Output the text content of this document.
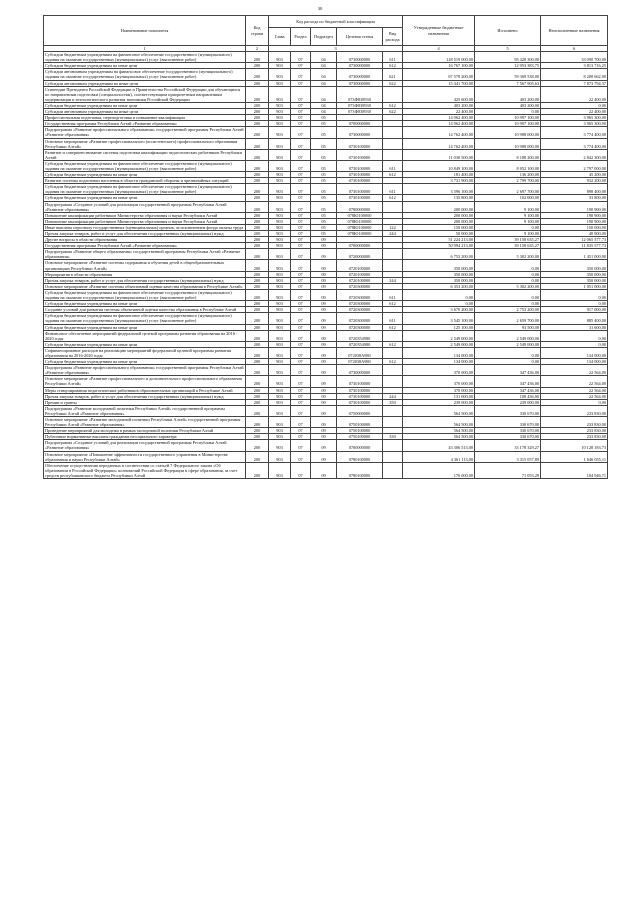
30
Наименование показателя	Код строки	Код расхода по бюджетной классификации					Утвержденные бюджетные назначения	Исполнено	Неисполненные назначения
		Глава	Раздел	Подраздел	Целевая статья	Вид расхода			
1	2	3					4	5	6
Субсидии бюджетным учреждениям на финансовое обеспечение государственного (муниципального) задания на оказание государственных (муниципальных) услуг (выполнение работ)	200	903	07	04	0730000000	611	128 519 000,00	95 428 300,00	33 090 700,00
Субсидии бюджетным учреждениям на иные цели	200	903	07	04	0730000000	612	16 767 100,00	12 953 383,75	3 813 716,25
Субсидии автономным учреждениям на финансовое обеспечение государственного (муниципального) задания на оказание государственных (муниципальных) услуг (выполнение работ)	200	903	07	04	0730000000	621	67 578 200,00	59 369 538,00	8 208 662,00
Субсидии автономным учреждениям на иные цели	200	903	07	04	0730000000	622	15 441 700,00	7 567 905,63	7 873 794,37
Стипендии Президента Российской Федерации и Правительства Российской Федерации для обучающихся по направлениям подготовки (специальностям), соответствующим приоритетным направлениям модернизации и технологического развития экономики Российской Федерации	200	903	07	04	073Ф838930		425 600,00	403 200,00	22 400,00
Субсидии бюджетным учреждениям на иные цели	200	903	07	04	073Ф838930	612	403 200,00	403 200,00	0,00
Субсидии автономным учреждениям на иные цели	200	903	07	04	073Ф838930	622	22 400,00	0,00	22 400,00
Профессиональная подготовка, переподготовка и повышение квалификации	200	903	07	05			14 962 400,00	10 997 100,00	3 965 300,00
Государственная программа Республики Алтай «Развитие образования»	200	903	07	05	0700000000		14 962 400,00	10 997 100,00	3 965 300,00
Подпрограмма «Развитие профессионального образования» государственной программы Республики Алтай «Развитие образования»	200	903	07	05	0730000000		14 762 400,00	10 988 000,00	3 774 400,00
Основное мероприятие «Развитие профессионального (ассистентского) профессионального образования Республики Алтай»	200	903	07	05	0730100000		14 762 400,00	10 988 000,00	3 774 400,00
Развитие и совершенствование системы подготовки квалификации педагогических работников Республики Алтай	200	903	07	05	0730100000		11 030 500,00	8 188 200,00	2 842 300,00
Субсидии бюджетным учреждениям на финансовое обеспечение государственного (муниципального) задания на оказание государственных (муниципальных) услуг (выполнение работ)	200	903	07	05	0730100000	611	10 849 100,00	8 052 100,00	2 797 000,00
Субсидии бюджетным учреждениям на иные цели	200	903	07	05	0730100000	612	181 400,00	136 200,00	45 200,00
Развитие системы подготовки населения в области гражданской обороны и чрезвычайных ситуаций	200	903	07	05	0730100000		3 731 900,00	2 799 700,00	932 200,00
Субсидии бюджетным учреждениям на финансовое обеспечение государственного (муниципального) задания на оказание государственных (муниципальных) услуг (выполнение работ)	200	903	07	05	0730100000	611	3 596 100,00	2 697 700,00	898 400,00
Субсидии бюджетным учреждениям на иные цели	200	903	07	05	0730100000	612	135 800,00	102 000,00	33 800,00
Подпрограмма «Создание условий для реализации государственной программы Республики Алтай «Развитие образования»	200	903	07	05	0780000000		200 000,00	9 100,00	190 900,00
Повышение квалификации работников Министерства образования и науки Республики Алтай	200	903	07	05	078Ю100000		200 000,00	9 100,00	190 900,00
Повышение квалификации работников Министерства образования и науки Республики Алтай	200	903	07	05	078Ю100000		200 000,00	9 100,00	190 900,00
Иные выплаты персоналу государственных (муниципальных) органов, за исключением фонда оплаты труда	200	903	07	05	078Ю100000	122	150 000,00	0,00	150 000,00
Прочая закупка товаров, работ и услуг для обеспечения государственных (муниципальных) нужд	200	903	07	05	078Ю100000	244	50 000,00	9 100,00	40 900,00
Другие вопросы в области образования	200	903	07	09			51 224 213,00	39 158 635,27	12 065 577,73
Государственная программа Республики Алтай «Развитие образования»	200	903	07	09	0700000000		50 994 213,00	39 158 635,27	11 835 577,73
Подпрограмма «Развитие общего образования» государственной программы Республики Алтай «Развитие образования»	200	903	07	09	0720000000		6 753 200,00	5 302 200,00	1 451 000,00
Основное мероприятие «Развитие системы содержания и обучения детей в общеобразовательных организациях Республики Алтай»	200	903	07	09	0720100000		350 000,00	0,00	350 000,00
Мероприятия в области образования	200	903	07	09	0720100000		350 000,00	0,00	350 000,00
Прочая закупка товаров, работ и услуг для обеспечения государственных (муниципальных) нужд	200	903	07	09	0720100000	244	350 000,00	0,00	350 000,00
Основное мероприятие «Развитие системы объективной оценки качества образования в Республике Алтай»	200	903	07	09	0720300000		6 353 200,00	5 302 200,00	1 051 000,00
Субсидии бюджетным учреждениям на финансовое обеспечение государственного (муниципального) задания на оказание государственных (муниципальных) услуг (выполнение работ)	200	903	07	09	0720300000	611	0,00	0,00	0,00
Субсидии бюджетным учреждениям на иные цели	200	903	07	09	0720300000	612	0,00	0,00	0,00
Создание условий для развития системы объективной оценки качества образования в Республике Алтай	200	903	07	09	0720300000		3 670 200,00	2 753 200,00	917 000,00
Субсидии бюджетным учреждениям на финансовое обеспечение государственного (муниципального) задания на оказание государственных (муниципальных) услуг (выполнение работ)	200	903	07	09	0720300000	611	3 545 100,00	2 659 700,00	885 400,00
Субсидии бюджетным учреждениям на иные цели	200	903	07	09	0720300000	612	125 100,00	93 500,00	31 600,00
Финансовое обеспечение мероприятий федеральной целевой программы развития образования на 2016 - 2020 годы	200	903	07	09	0720354980		2 549 000,00	2 549 000,00	0,00
Субсидии бюджетным учреждениям на иные цели	200	903	07	09	0720354980	612	2 549 000,00	2 549 000,00	0,00
Софинансирование расходов на реализацию мероприятий федеральной целевой программы развития образования на 2016-2020 годы	200	903	07	09	072038А980		134 000,00	0,00	134 000,00
Субсидии бюджетным учреждениям на иные цели	200	903	07	09	072038А980	612	134 000,00	0,00	134 000,00
Подпрограмма «Развитие профессионального образования» государственной программы Республики Алтай «Развитие образования»	200	903	07	09	0730000000		370 000,00	347 436,00	22 564,00
Основное мероприятие «Развитие профессионального и дополнительного профессионального образования Республики Алтай»	200	903	07	09	0730100000		370 000,00	347 436,00	22 564,00
Меры стимулирования педагогических работников образовательных организаций в Республике Алтай	200	903	07	09	0730100000		370 000,00	347 436,00	22 564,00
Прочая закупка товаров, работ и услуг для обеспечения государственных (муниципальных) нужд	200	903	07	09	0730100000	244	131 000,00	108 436,00	22 564,00
Премии и гранты	200	903	07	09	0730100000	350	239 000,00	239 000,00	0,00
Подпрограмма «Развитие молодежной политики Республики Алтай» государственной программы Республики Алтай «Развитие образования»	200	903	07	09	0750000000		564 500,00	330 670,00	233 830,00
Основное мероприятие «Развитие молодежной политики Республики Алтай» государственной программы Республики Алтай «Развитие образования»	200	903	07	09	0750100000		564 500,00	330 670,00	233 830,00
Проведение мероприятий для молодежи в рамках молодежной политики Республики Алтай	200	903	07	09	0750100000		564 500,00	330 670,00	233 830,00
Публичные нормативные выплаты гражданам несоциального характера	200	903	07	09	0750100000	330	564 500,00	330 670,00	233 830,00
Подпрограмма «Создание условий для реализации государственной программы Республики Алтай «Развитие образования»	200	903	07	09	0780000000		43 306 513,00	33 178 329,27	10 128 183,73
Основное мероприятие «Повышение эффективности государственного управления в Министерстве образования и науки Республики Алтай»	200	903	07	09	0780100000		4 361 113,00	3 315 057,89	1 046 055,11
Обеспечение осуществления переданных в соответствии со статьей 7 Федерального закона «Об образовании в Российской Федерации» полномочий Российской Федерации в сфере образования, за счет средств республиканского бюджета Республики Алтай	200	903	07	09	0780100000		176 000,00	71 053,29	104 946,71
